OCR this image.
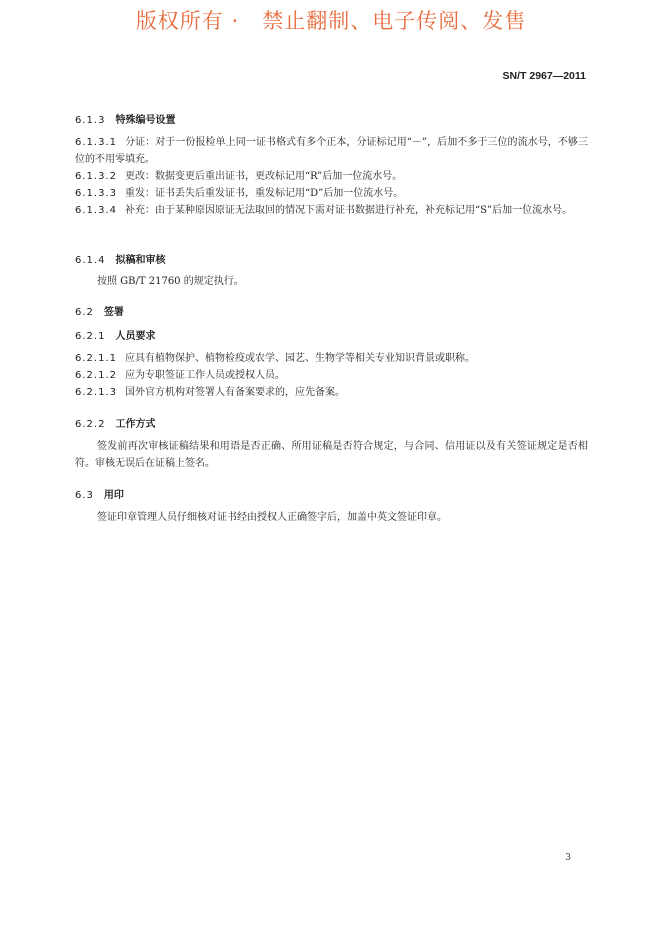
版权所有 ·   禁止翻制、电子传阅、发售
SN/T 2967—2011
6.1.3 特殊编号设置
6.1.3.1 分证：对于一份报检单上同一证书格式有多个正本，分证标记用“－”，后加不多于三位的流水号，不够三位的不用零填充。
6.1.3.2 更改：数据变更后重出证书，更改标记用“R”后加一位流水号。
6.1.3.3 重发：证书丢失后重发证书，重发标记用“D”后加一位流水号。
6.1.3.4 补充：由于某种原因原证无法取回的情况下需对证书数据进行补充，补充标记用“S”后加一位流水号。
6.1.4 拟稿和审核
按照 GB/T 21760 的规定执行。
6.2 签署
6.2.1 人员要求
6.2.1.1 应具有植物保护、植物检疫或农学、园艺、生物学等相关专业知识背景或职称。
6.2.1.2 应为专职签证工作人员或授权人员。
6.2.1.3 国外官方机构对签署人有备案要求的，应先备案。
6.2.2 工作方式
签发前再次审核证稿结果和用语是否正确、所用证稿是否符合规定，与合同、信用证以及有关签证规定是否相符。审核无误后在证稿上签名。
6.3 用印
签证印章管理人员仔细核对证书经由授权人正确签字后，加盖中英文签证印章。
3
